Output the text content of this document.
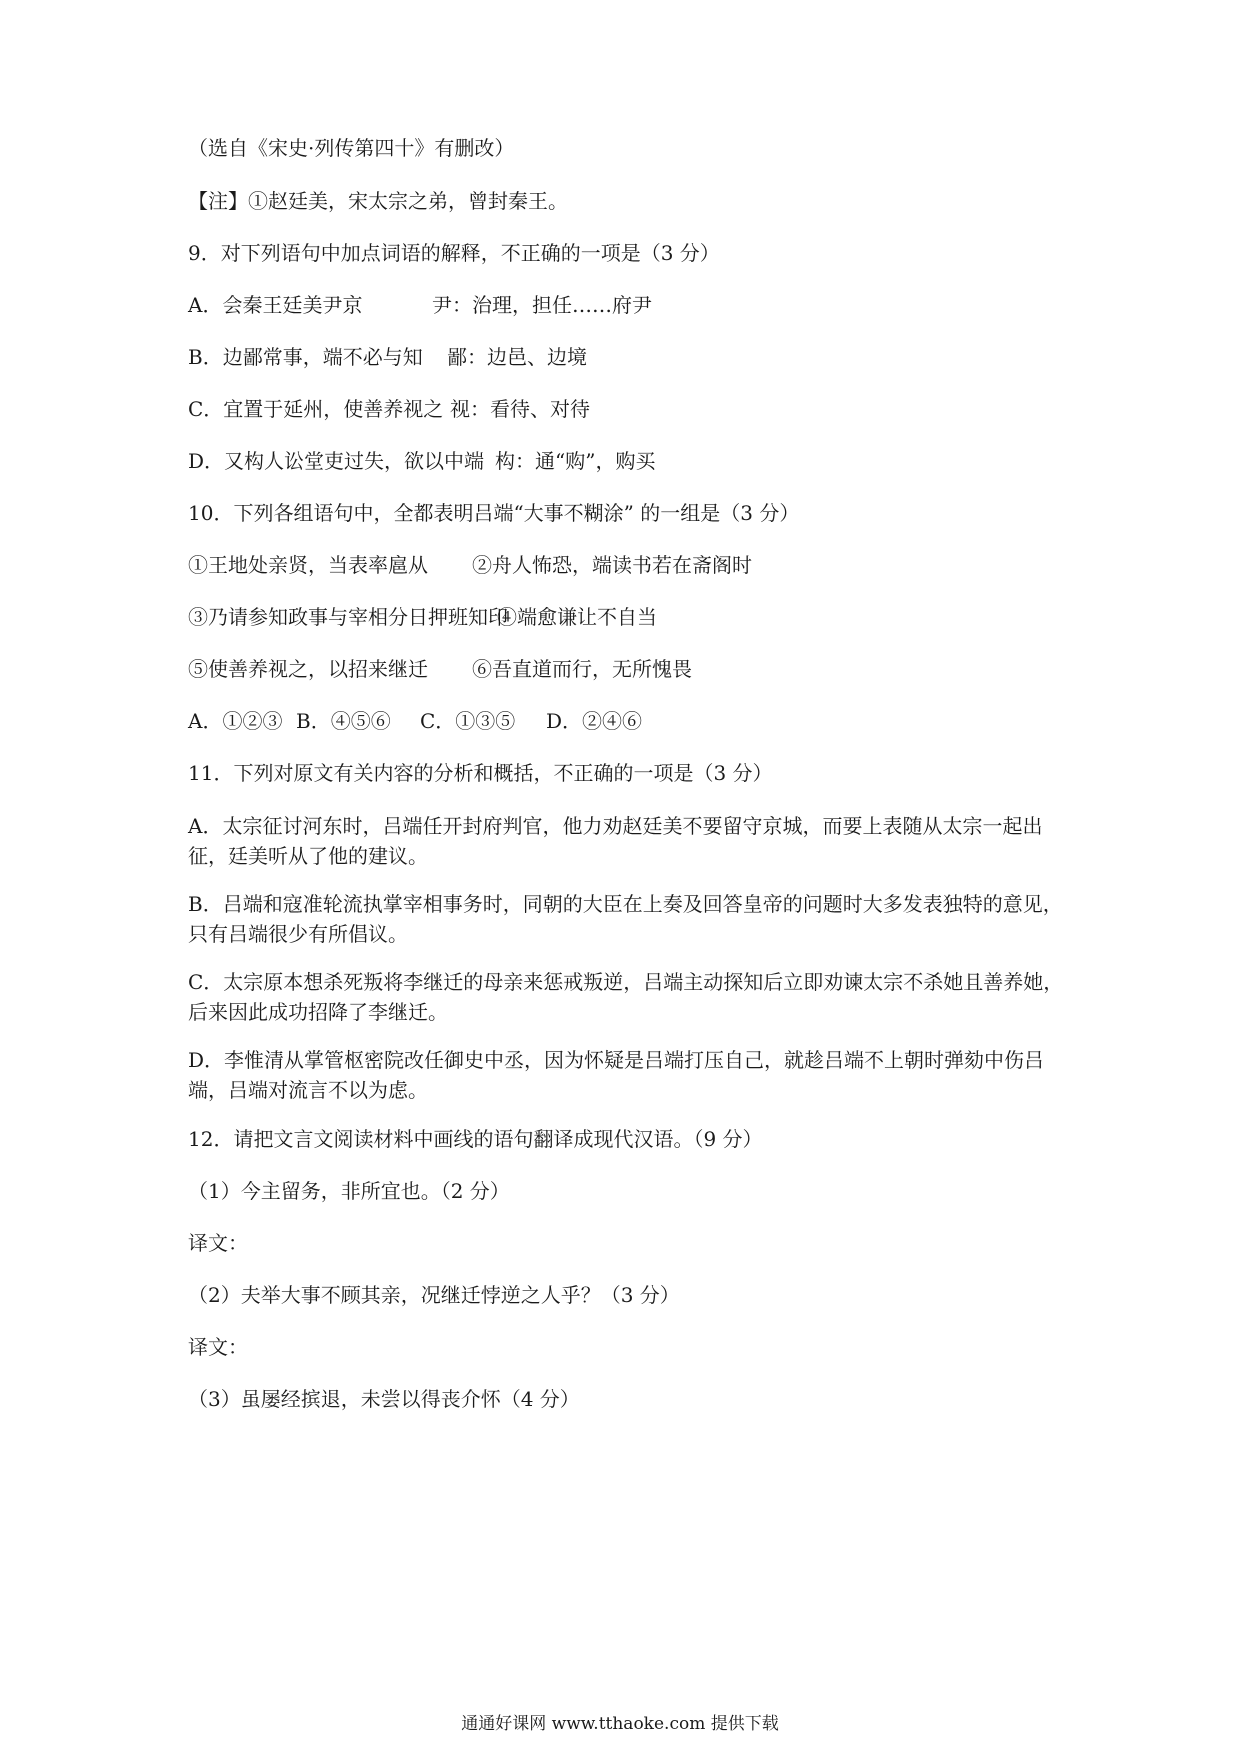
（选自《宋史·列传第四十》有删改）
【注】①赵廷美，宋太宗之弟，曾封秦王。
9．对下列语句中加点词语的解释，不正确的一项是（3 分）
A．会秦王廷美尹京	尹：治理，担任……府尹
B．边鄙常事，端不必与知 鄙：边邑、边境
C．宜置于延州，使善养视之 视：看待、对待
D．又构人讼堂吏过失，欲以中端 构：通“购”，购买
10．下列各组语句中，全都表明吕端“大事不糊涂” 的一组是（3 分）
①王地处亲贤，当表率扈从 ②舟人怖恐，端读书若在斋阁时
③乃请参知政事与宰相分日押班知印
④端愈谦让不自当
⑤使善养视之，以招来继迁 ⑥吾直道而行，无所愧畏
A．①②③ B．④⑤⑥ C．①③⑤ D．②④⑥
11．下列对原文有关内容的分析和概括，不正确的一项是（3 分）
A．太宗征讨河东时，吕端任开封府判官，他力劝赵廷美不要留守京城，而要上表随从太宗一起出征，廷美听从了他的建议。
B．吕端和寇准轮流执掌宰相事务时，同朝的大臣在上奏及回答皇帝的问题时大多发表独特的意见，只有吕端很少有所倡议。
C．太宗原本想杀死叛将李继迁的母亲来惩戒叛逆，吕端主动探知后立即劝谏太宗不杀她且善养她，后来因此成功招降了李继迁。
D．李惟清从掌管枢密院改任御史中丞，因为怀疑是吕端打压自己，就趁吕端不上朝时弹劾中伤吕端，吕端对流言不以为虑。
12．请把文言文阅读材料中画线的语句翻译成现代汉语。（9 分）
（1）今主留务，非所宜也。（2 分）
译文：
（2）夫举大事不顾其亲，况继迁悖逆之人乎？（3 分）
译文：
（3）虽屡经摈退，未尝以得丧介怀（4 分）
通通好课网 www.tthaoke.com 提供下载
